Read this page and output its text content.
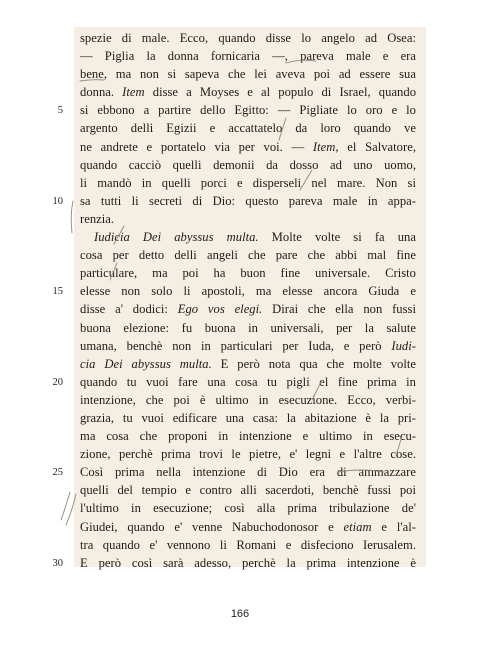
spezie di male. Ecco, quando disse lo angelo ad Osea:
— Piglia la donna fornicaria —, pareva male e era
bene, ma non si sapeva che lei aveva poi ad essere sua
donna. Item disse a Moyses e al populo di Israel, quando
si ebbono a partire dello Egitto: — Pigliate lo oro e lo
argento delli Egizii e accattatelo da loro quando ve
ne andrete e portatelo via per voi. — Item, el Salvatore,
quando cacciò quelli demonii da dosso ad uno uomo,
li mandò in quelli porci e disperseli nel mare. Non si
sa tutti li secreti di Dio: questo pareva male in appa-
renzia.
Iudicia Dei abyssus multa. Molte volte si fa una
cosa per detto delli angeli che pare che abbi mal fine
particulare, ma poi ha buon fine universale. Cristo
elesse non solo li apostoli, ma elesse ancora Giuda e
disse a' dodici: Ego vos elegi. Dirai che ella non fussi
buona elezione: fu buona in universali, per la salute
umana, benchè non in particulari per Iuda, e però Iudi-
cia Dei abyssus multa. E però nota qua che molte volte
quando tu vuoi fare una cosa tu pigli el fine prima in
intenzione, che poi è ultimo in esecuzione. Ecco, verbi-
grazia, tu vuoi edificare una casa: la abitazione è la pri-
ma cosa che proponi in intenzione e ultimo in esecu-
zione, perchè prima trovi le pietre, e' legni e l'altre cose.
Così prima nella intenzione di Dio era di ammazzare
quelli del tempio e contro alli sacerdoti, benchè fussi poi
l'ultimo in esecuzione; così alla prima tribulazione de'
Giudei, quando e' venne Nabuchodonosor e etiam e l'al-
tra quando e' vennono li Romani e disfeciono Ierusalem.
E però così sarà adesso, perchè la prima intenzione è
5
10
15
20
25
30
166
